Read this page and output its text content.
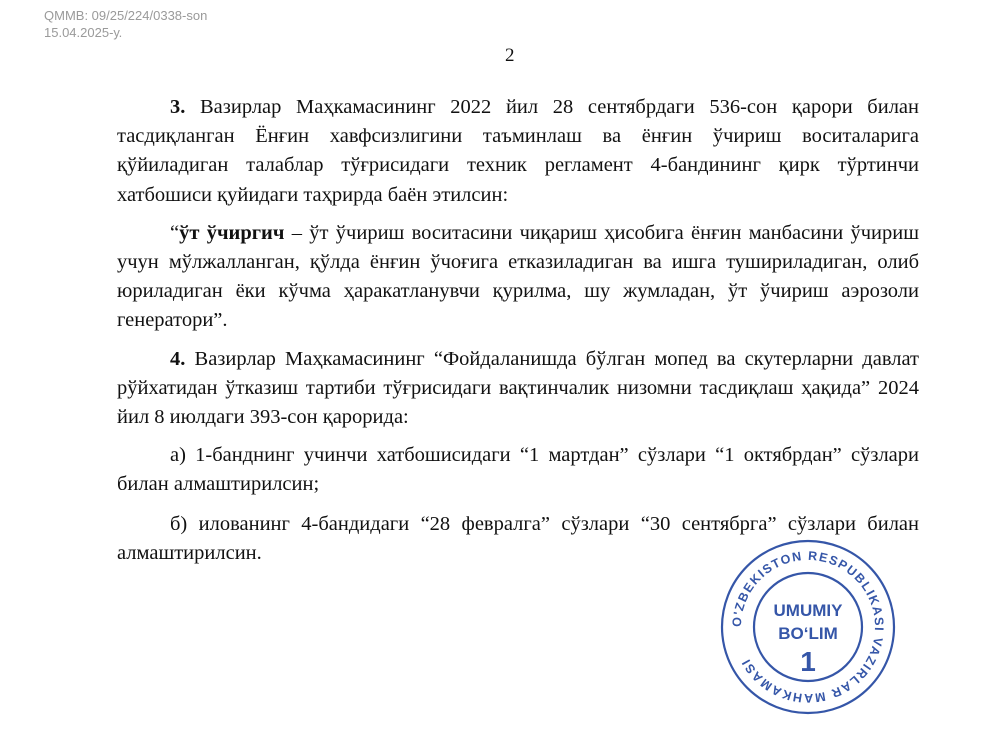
QMMB: 09/25/224/0338-son
15.04.2025-у.
2

3. Вазирлар Маҳкамасининг 2022 йил 28 сентябрдаги 536-сон қарори билан тасдиқланган Ёнғин хавфсизлигини таъминлаш ва ёнғин ўчириш воситаларига қўйиладиган талаблар тўғрисидаги техник регламент 4-бандининг қирк тўртинчи хатбошиси қуйидаги таҳрирда баён этилсин:

“ўт ўчиргич – ўт ўчириш воситасини чиқариш ҳисобига ёнғин манбасини ўчириш учун мўлжалланган, қўлда ёнғин ўчоғига етказиладиган ва ишга тушириладиган, олиб юриладиган ёки кўчма ҳаракатланувчи қурилма, шу жумладан, ўт ўчириш аэрозоли генератори”.

4. Вазирлар Маҳкамасининг “Фойдаланишда бўлган мопед ва скутерларни давлат рўйхатидан ўтказиш тартиби тўғрисидаги вақтинчалик низомни тасдиқлаш ҳақида” 2024 йил 8 июлдаги 393-сон қарорида:

а) 1-банднинг учинчи хатбошисидаги “1 мартдан” сўзлари “1 октябрдан” сўзлари билан алмаштирилсин;

б) илованинг 4-бандидаги “28 февралга” сўзлари “30 сентябрга” сўзлари билан алмаштирилсин.

O'ZBEKISTON RESPUBLIKASI VAZIRLAR MAHKAMASI
UMUMIY
BO‘LIM
1
